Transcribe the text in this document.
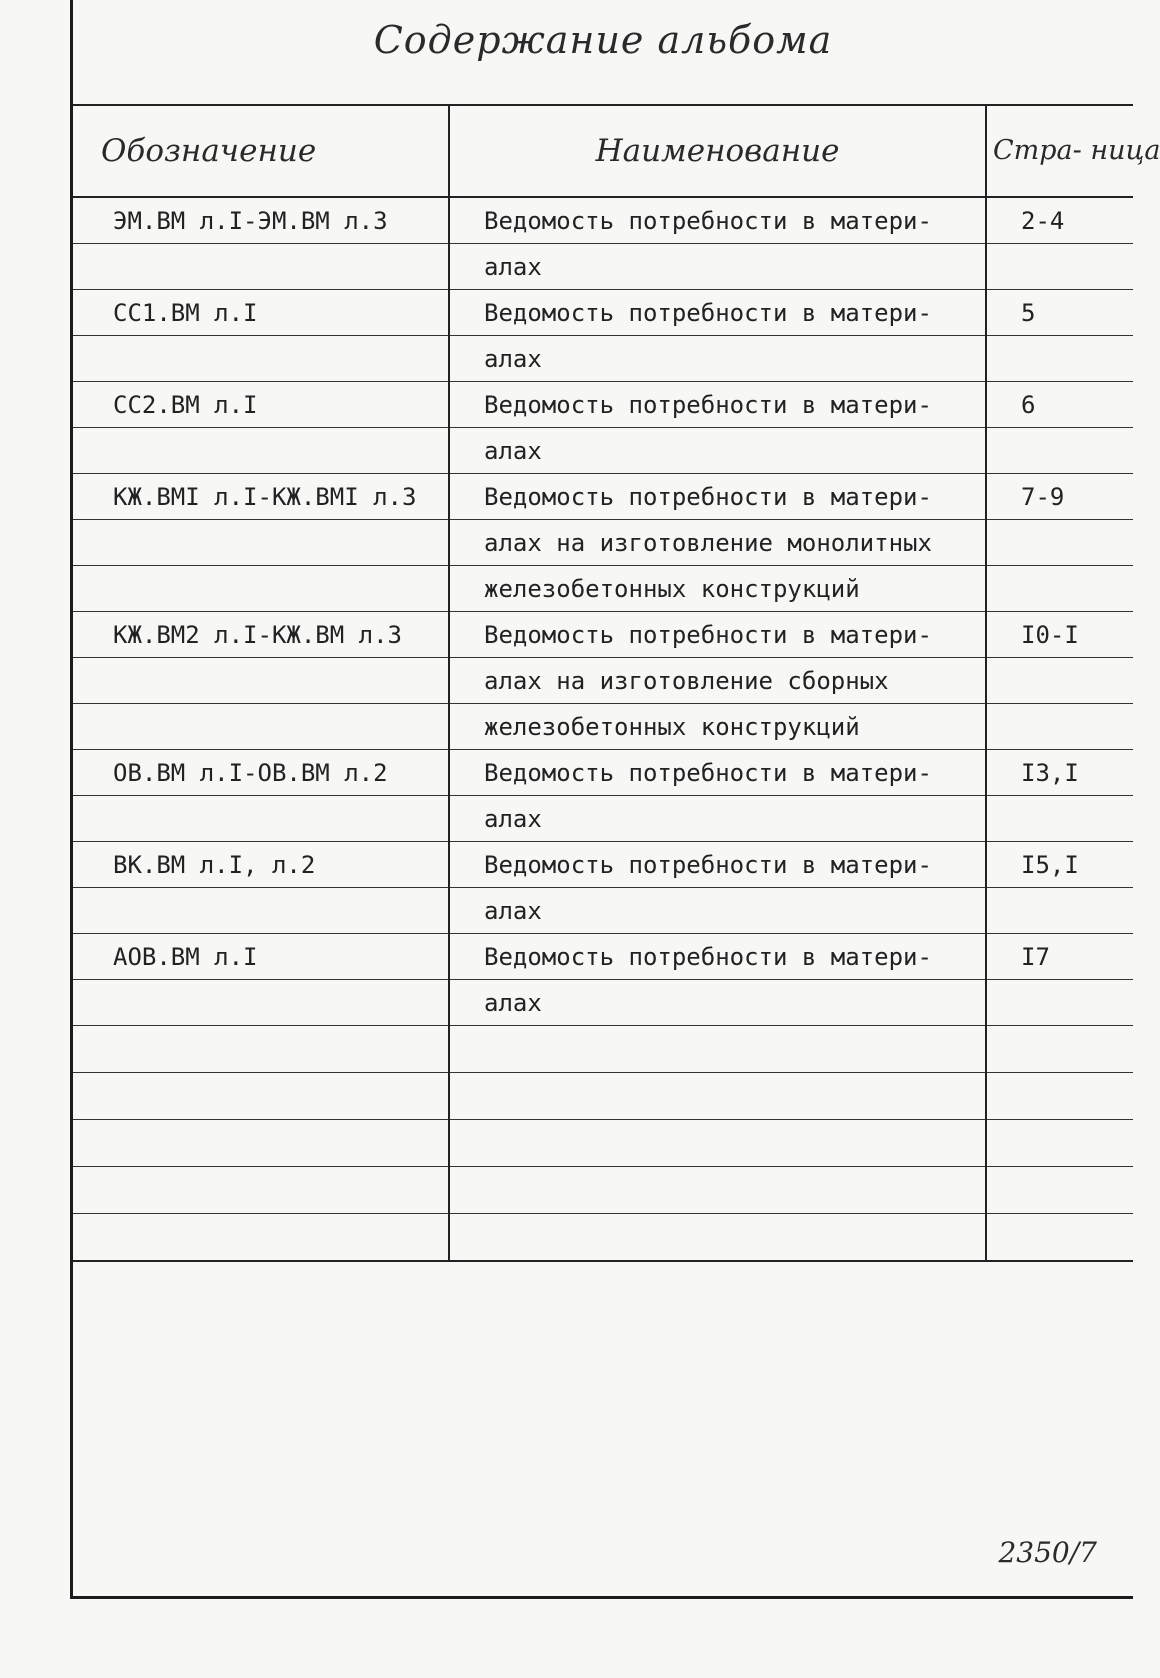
Содержание альбома
Обозначение	Наименование	Стра- ница
ЭМ.ВМ л.I-ЭМ.ВМ л.3	Ведомость потребности в матери-	2-4
	алах	
СС1.ВМ л.I	Ведомость потребности в матери-	5
	алах	
СС2.ВМ л.I	Ведомость потребности в матери-	6
	алах	
КЖ.ВМI л.I-КЖ.ВМI л.3	Ведомость потребности в матери-	7-9
	алах на изготовление монолитных	
	железобетонных конструкций	
КЖ.ВМ2 л.I-КЖ.ВМ л.3	Ведомость потребности в матери-	I0-I
	алах на изготовление сборных	
	железобетонных конструкций	
ОВ.ВМ л.I-ОВ.ВМ л.2	Ведомость потребности в матери-	I3,I
	алах	
ВК.ВМ л.I, л.2	Ведомость потребности в матери-	I5,I
	алах	
АОВ.ВМ л.I	Ведомость потребности в матери-	I7
	алах	

2350/7
